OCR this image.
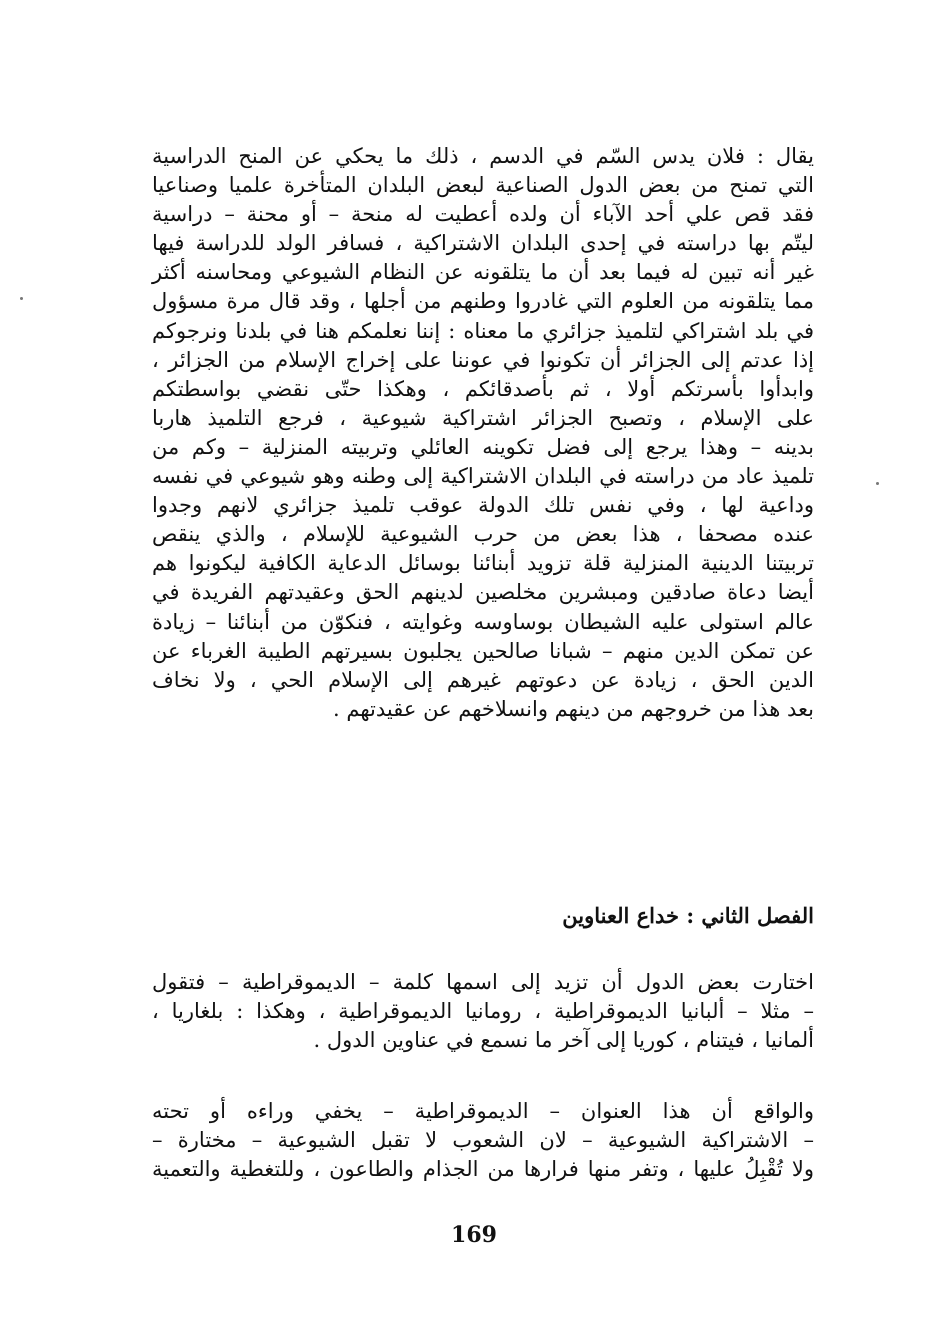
يقال : فلان يدس السّم في الدسم ، ذلك ما يحكي عن المنح الدراسية
التي تمنح من بعض الدول الصناعية لبعض البلدان المتأخرة علميا وصناعيا
فقد قص علي أحد الآباء أن ولده أعطيت له منحة – أو محنة – دراسية
ليتّم بها دراسته في إحدى البلدان الاشتراكية ، فسافر الولد للدراسة فيها
غير أنه تبين له فيما بعد أن ما يتلقونه عن النظام الشيوعي ومحاسنه أكثر
مما يتلقونه من العلوم التي غادروا وطنهم من أجلها ، وقد قال مرة مسؤول
في بلد اشتراكي لتلميذ جزائري ما معناه : إننا نعلمكم هنا في بلدنا ونرجوكم
إذا عدتم إلى الجزائر أن تكونوا في عوننا على إخراج الإسلام من الجزائر ،
وابدأوا بأسرتكم أولا ، ثم بأصدقائكم ، وهكذا حتّى نقضي بواسطتكم
على الإسلام ، وتصبح الجزائر اشتراكية شيوعية ، فرجع التلميذ هاربا
بدينه – وهذا يرجع إلى فضل تكوينه العائلي وتربيته المنزلية – وكم من
تلميذ عاد من دراسته في البلدان الاشتراكية إلى وطنه وهو شيوعي في نفسه
وداعية لها ، وفي نفس تلك الدولة عوقب تلميذ جزائري لانهم وجدوا
عنده مصحفا ، هذا بعض من حرب الشيوعية للإسلام ، والذي ينقص
تربيتنا الدينية المنزلية قلة تزويد أبنائنا بوسائل الدعاية الكافية ليكونوا هم
أيضا دعاة صادقين ومبشرين مخلصين لدينهم الحق وعقيدتهم الفريدة في
عالم استولى عليه الشيطان بوساوسه وغوايته ، فنكوّن من أبنائنا – زيادة
عن تمكن الدين منهم – شبانا صالحين يجلبون بسيرتهم الطيبة الغرباء عن
الدين الحق ، زيادة عن دعوتهم غيرهم إلى الإسلام الحي ، ولا نخاف
بعد هذا من خروجهم من دينهم وانسلاخهم عن عقيدتهم .
الفصل الثاني : خداع العناوين
اختارت بعض الدول أن تزيد إلى اسمها كلمة – الديموقراطية – فتقول
– مثلا – ألبانيا الديموقراطية ، رومانيا الديموقراطية ، وهكذا : بلغاريا ،
ألمانيا ، فيتنام ، كوريا إلى آخر ما نسمع في عناوين الدول .
والواقع أن هذا العنوان – الديموقراطية – يخفي وراءه أو تحته
– الاشتراكية الشيوعية – لان الشعوب لا تقبل الشيوعية – مختارة –
ولا تُقْبِلُ عليها ، وتفر منها فرارها من الجذام والطاعون ، وللتغطية والتعمية
169
